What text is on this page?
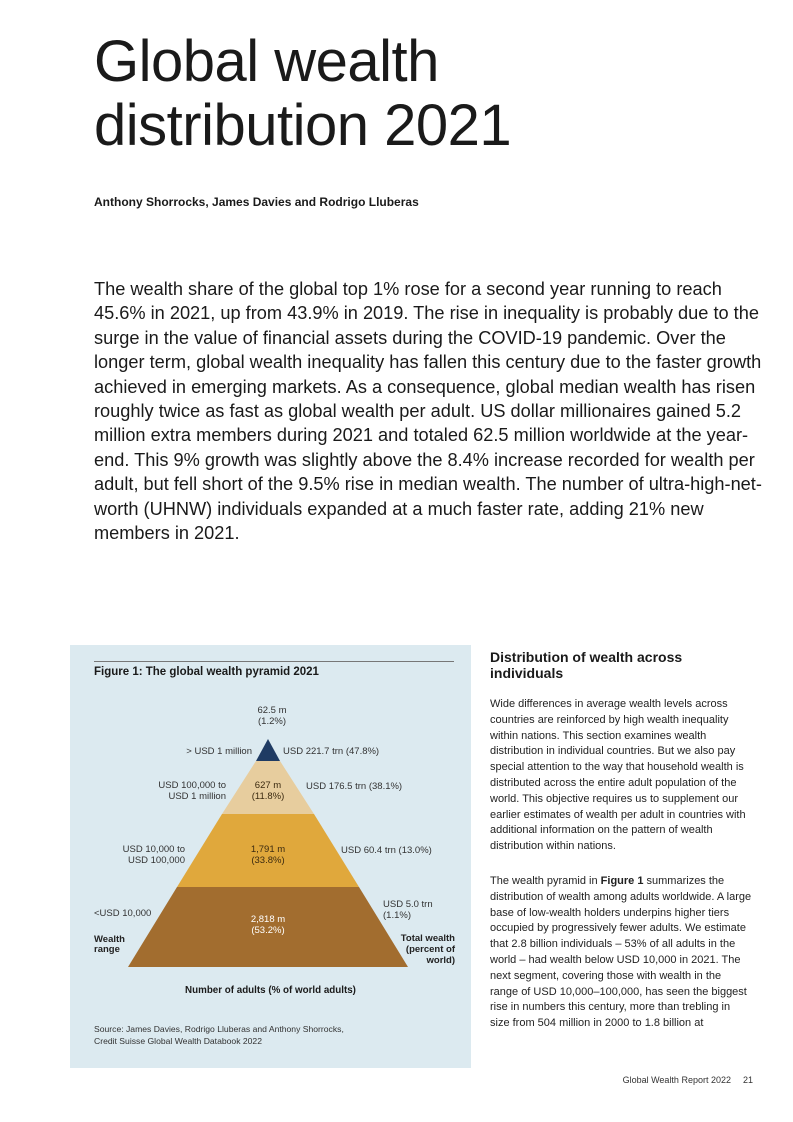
Global wealth
distribution 2021

Anthony Shorrocks, James Davies and Rodrigo Lluberas

The wealth share of the global top 1% rose for a second year running to reach 45.6% in 2021, up from 43.9% in 2019. The rise in inequality is probably due to the surge in the value of financial assets during the COVID-19 pandemic. Over the longer term, global wealth inequality has fallen this century due to the faster growth achieved in emerging markets. As a consequence, global median wealth has risen roughly twice as fast as global wealth per adult. US dollar millionaires gained 5.2 million extra members during 2021 and totaled 62.5 million worldwide at the year-end. This 9% growth was slightly above the 8.4% increase recorded for wealth per adult, but fell short of the 9.5% rise in median wealth. The number of ultra-high-net-worth (UHNW) individuals expanded at a much faster rate, adding 21% new members in 2021.

Figure 1: The global wealth pyramid 2021

62.5 m
(1.2%)
> USD 1 million	USD 221.7 trn (47.8%)
USD 100,000 to
USD 1 million
627 m
(11.8%)
USD 176.5 trn (38.1%)
USD 10,000 to
USD 100,000
1,791 m
(33.8%)
USD 60.4 trn (13.0%)
<USD 10,000
2,818 m
(53.2%)
USD 5.0 trn
(1.1%)
Wealth
range
Total wealth
(percent of
world)

Number of adults (% of world adults)

Source: James Davies, Rodrigo Lluberas and Anthony Shorrocks,
Credit Suisse Global Wealth Databook 2022

Distribution of wealth across individuals

Wide differences in average wealth levels across countries are reinforced by high wealth inequality within nations. This section examines wealth distribution in individual countries. But we also pay special attention to the way that household wealth is distributed across the entire adult population of the world. This objective requires us to supplement our earlier estimates of wealth per adult in countries with additional information on the pattern of wealth distribution within nations.

The wealth pyramid in Figure 1 summarizes the distribution of wealth among adults worldwide. A large base of low-wealth holders underpins higher tiers occupied by progressively fewer adults. We estimate that 2.8 billion individuals – 53% of all adults in the world – had wealth below USD 10,000 in 2021. The next segment, covering those with wealth in the range of USD 10,000–100,000, has seen the biggest rise in numbers this century, more than trebling in size from 504 million in 2000 to 1.8 billion at

Global Wealth Report 2022 21
